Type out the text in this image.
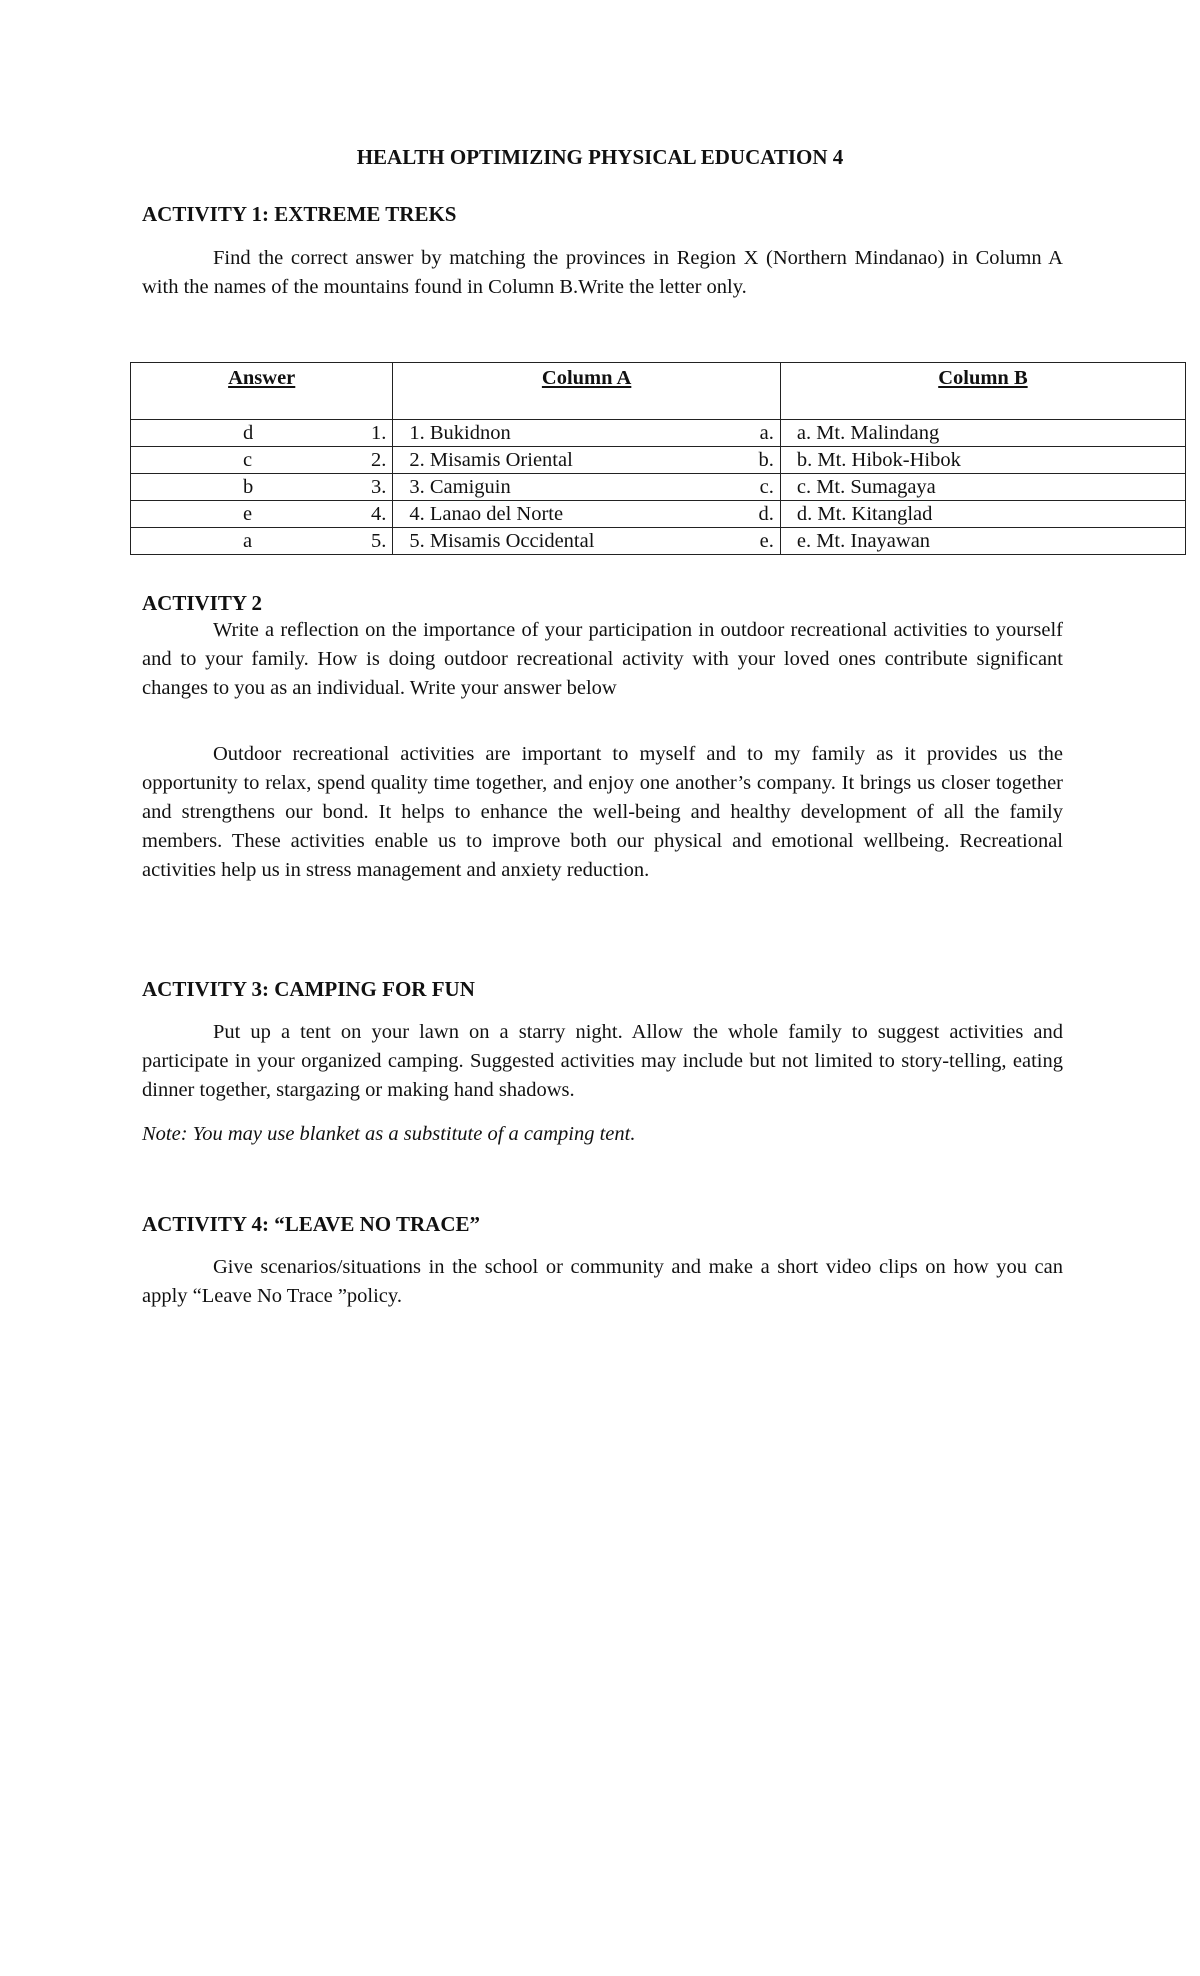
HEALTH OPTIMIZING PHYSICAL EDUCATION 4
ACTIVITY 1: EXTREME TREKS
Find the correct answer by matching the provinces in Region X (Northern Mindanao) in Column A with the names of the mountains found in Column B.Write the letter only.
Answer	Column A	Column B

d 1.	1. Bukidnon a.	a. Mt. Malindang

c 2.	2. Misamis Oriental b.	b. Mt. Hibok-Hibok

b 3.	3. Camiguin c.	c. Mt. Sumagaya

e 4.	4. Lanao del Norte d.	d. Mt. Kitanglad

a 5.	5. Misamis Occidental e.	e. Mt. Inayawan
ACTIVITY 2
Write a reflection on the importance of your participation in outdoor recreational activities to yourself and to your family. How is doing outdoor recreational activity with your loved ones contribute significant changes to you as an individual. Write your answer below
Outdoor recreational activities are important to myself and to my family as it provides us the opportunity to relax, spend quality time together, and enjoy one another’s company. It brings us closer together and strengthens our bond. It helps to enhance the well-being and healthy development of all the family members. These activities enable us to improve both our physical and emotional wellbeing. Recreational activities help us in stress management and anxiety reduction.
ACTIVITY 3: CAMPING FOR FUN
Put up a tent on your lawn on a starry night. Allow the whole family to suggest activities and participate in your organized camping. Suggested activities may include but not limited to story-telling, eating dinner together, stargazing or making hand shadows.
Note: You may use blanket as a substitute of a camping tent.
ACTIVITY 4: “LEAVE NO TRACE”
Give scenarios/situations in the school or community and make a short video clips on how you can apply “Leave No Trace ”policy.
